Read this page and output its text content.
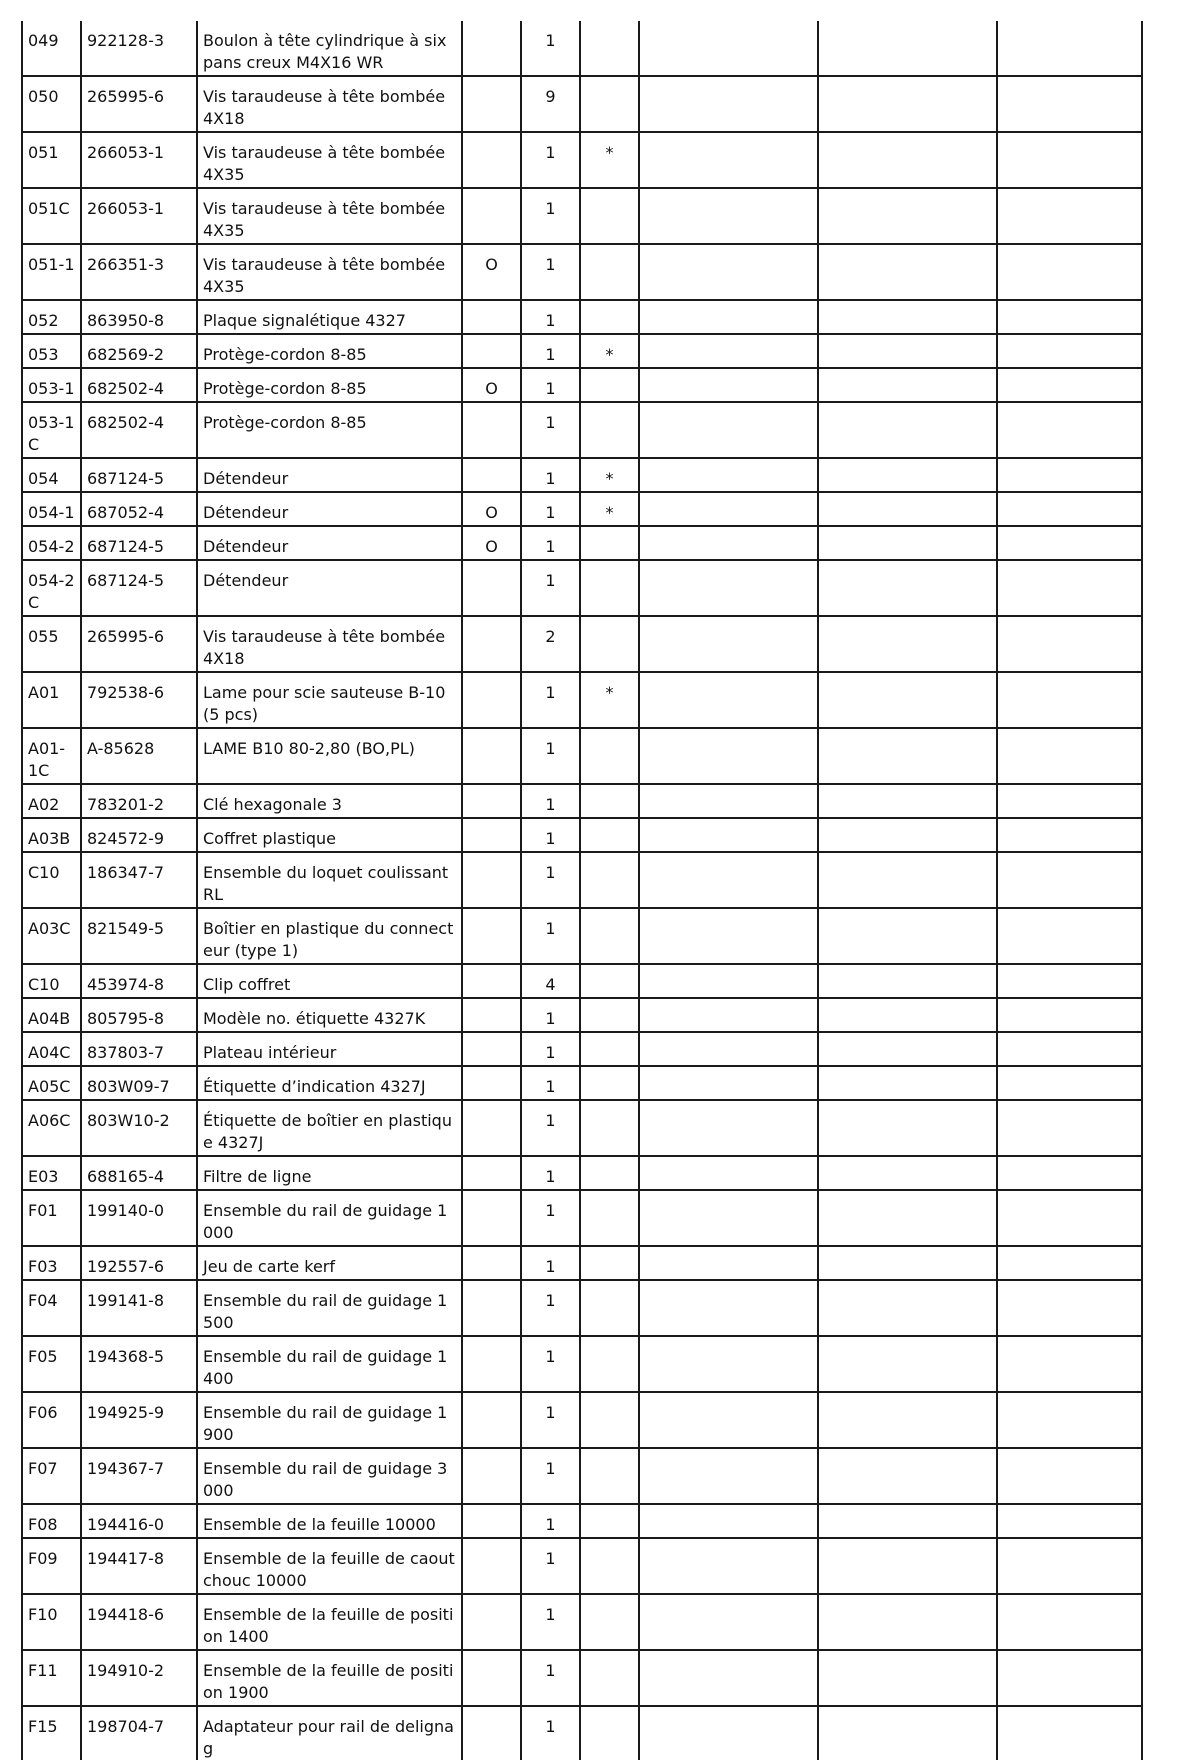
049	922128-3	Boulon à tête cylindrique à six pans creux M4X16 WR		1				
050	265995-6	Vis taraudeuse à tête bombée 4X18		9				
051	266053-1	Vis taraudeuse à tête bombée 4X35		1	*			
051C	266053-1	Vis taraudeuse à tête bombée 4X35		1				
051-1	266351-3	Vis taraudeuse à tête bombée 4X35	O	1				
052	863950-8	Plaque signalétique 4327		1				
053	682569-2	Protège-cordon 8-85		1	*			
053-1	682502-4	Protège-cordon 8-85	O	1				
053-1C	682502-4	Protège-cordon 8-85		1				
054	687124-5	Détendeur		1	*			
054-1	687052-4	Détendeur	O	1	*			
054-2	687124-5	Détendeur	O	1				
054-2C	687124-5	Détendeur		1				
055	265995-6	Vis taraudeuse à tête bombée 4X18		2				
A01	792538-6	Lame pour scie sauteuse B-10 (5 pcs)		1	*			
A01-1C	A-85628	LAME B10 80-2,80 (BO,PL)		1				
A02	783201-2	Clé hexagonale 3		1				
A03B	824572-9	Coffret plastique		1				
C10	186347-7	Ensemble du loquet coulissant RL		1				
A03C	821549-5	Boîtier en plastique du connecteur (type 1)		1				
C10	453974-8	Clip coffret		4				
A04B	805795-8	Modèle no. étiquette 4327K		1				
A04C	837803-7	Plateau intérieur		1				
A05C	803W09-7	Étiquette d’indication 4327J		1				
A06C	803W10-2	Étiquette de boîtier en plastique 4327J		1				
E03	688165-4	Filtre de ligne		1				
F01	199140-0	Ensemble du rail de guidage 1000		1				
F03	192557-6	Jeu de carte kerf		1				
F04	199141-8	Ensemble du rail de guidage 1500		1				
F05	194368-5	Ensemble du rail de guidage 1400		1				
F06	194925-9	Ensemble du rail de guidage 1900		1				
F07	194367-7	Ensemble du rail de guidage 3000		1				
F08	194416-0	Ensemble de la feuille 10000		1				
F09	194417-8	Ensemble de la feuille de caoutchouc 10000		1				
F10	194418-6	Ensemble de la feuille de position 1400		1				
F11	194910-2	Ensemble de la feuille de position 1900		1				
F15	198704-7	Adaptateur pour rail de delignag		1				
